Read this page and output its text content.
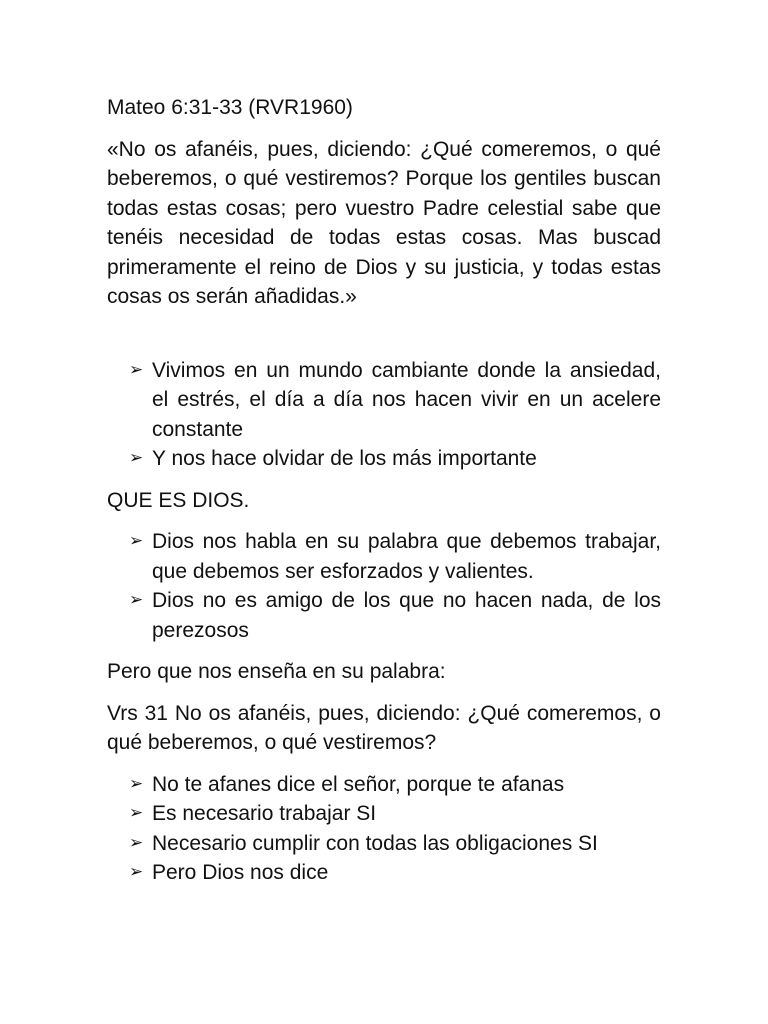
Mateo 6:31-33 (RVR1960)

«No os afanéis, pues, diciendo: ¿Qué comeremos, o qué beberemos, o qué vestiremos? Porque los gentiles buscan todas estas cosas; pero vuestro Padre celestial sabe que tenéis necesidad de todas estas cosas. Mas buscad primeramente el reino de Dios y su justicia, y todas estas cosas os serán añadidas.»

➢ Vivimos en un mundo cambiante donde la ansiedad, el estrés, el día a día nos hacen vivir en un acelere constante
➢ Y nos hace olvidar de los más importante

QUE ES DIOS.

➢ Dios nos habla en su palabra que debemos trabajar, que debemos ser esforzados y valientes.
➢ Dios no es amigo de los que no hacen nada, de los perezosos

Pero que nos enseña en su palabra:

Vrs 31 No os afanéis, pues, diciendo: ¿Qué comeremos, o qué beberemos, o qué vestiremos?

➢ No te afanes dice el señor, porque te afanas
➢ Es necesario trabajar SI
➢ Necesario cumplir con todas las obligaciones SI
➢ Pero Dios nos dice
